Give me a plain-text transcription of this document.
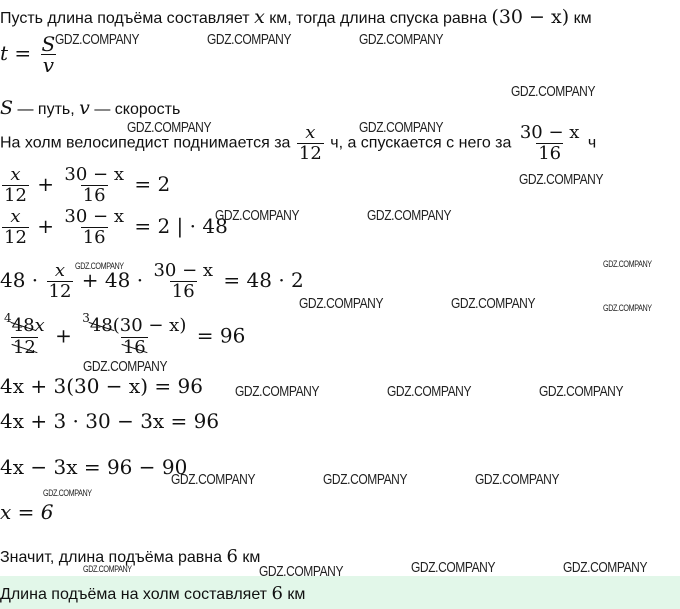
Пусть длина подъёма составляет x км, тогда длина спуска равна (30 − x) км
$t = \frac{S}{v}$
S — путь, v — скорость
На холм велосипедист поднимается за $\frac{x}{12} ч$, а спускается с него за $\frac{30 - x}{16}$ ч
$\frac{x}{12} + \frac{30 - x}{16} = 2$
$\frac{x}{12} + \frac{30 - x}{16} = 2$ | · 48
$48 \cdot \frac{x}{12} + 48 \cdot \frac{30 - x}{16} = 48 \cdot 2$
$^4$48
x
12 + $^3$48
(30 − x)
16 = 96
4x + 3(30 − x) = 96
4x + 3 · 30 − 3x = 96
4x − 3x = 96 − 90
x = 6
Значит, длина подъёма равна 6 км
Длина подъёма на холм составляет 6 км
GDZ.COMPANY	GDZ.COMPANY	GDZ.COMPANY
GDZ.COMPANY
GDZ.COMPANY	GDZ.COMPANY
GDZ.COMPANY
GDZ.COMPANY	GDZ.COMPANY
GDZ.COMPANY	GDZ.COMPANY
GDZ.COMPANY	GDZ.COMPANY	GDZ.COMPANY
GDZ.COMPANY
GDZ.COMPANY	GDZ.COMPANY	GDZ.COMPANY
GDZ.COMPANY	GDZ.COMPANY	GDZ.COMPANY
GDZ.COMPANY
GDZ.COMPANY	GDZ.COMPANY	GDZ.COMPANY	GDZ.COMPANY
